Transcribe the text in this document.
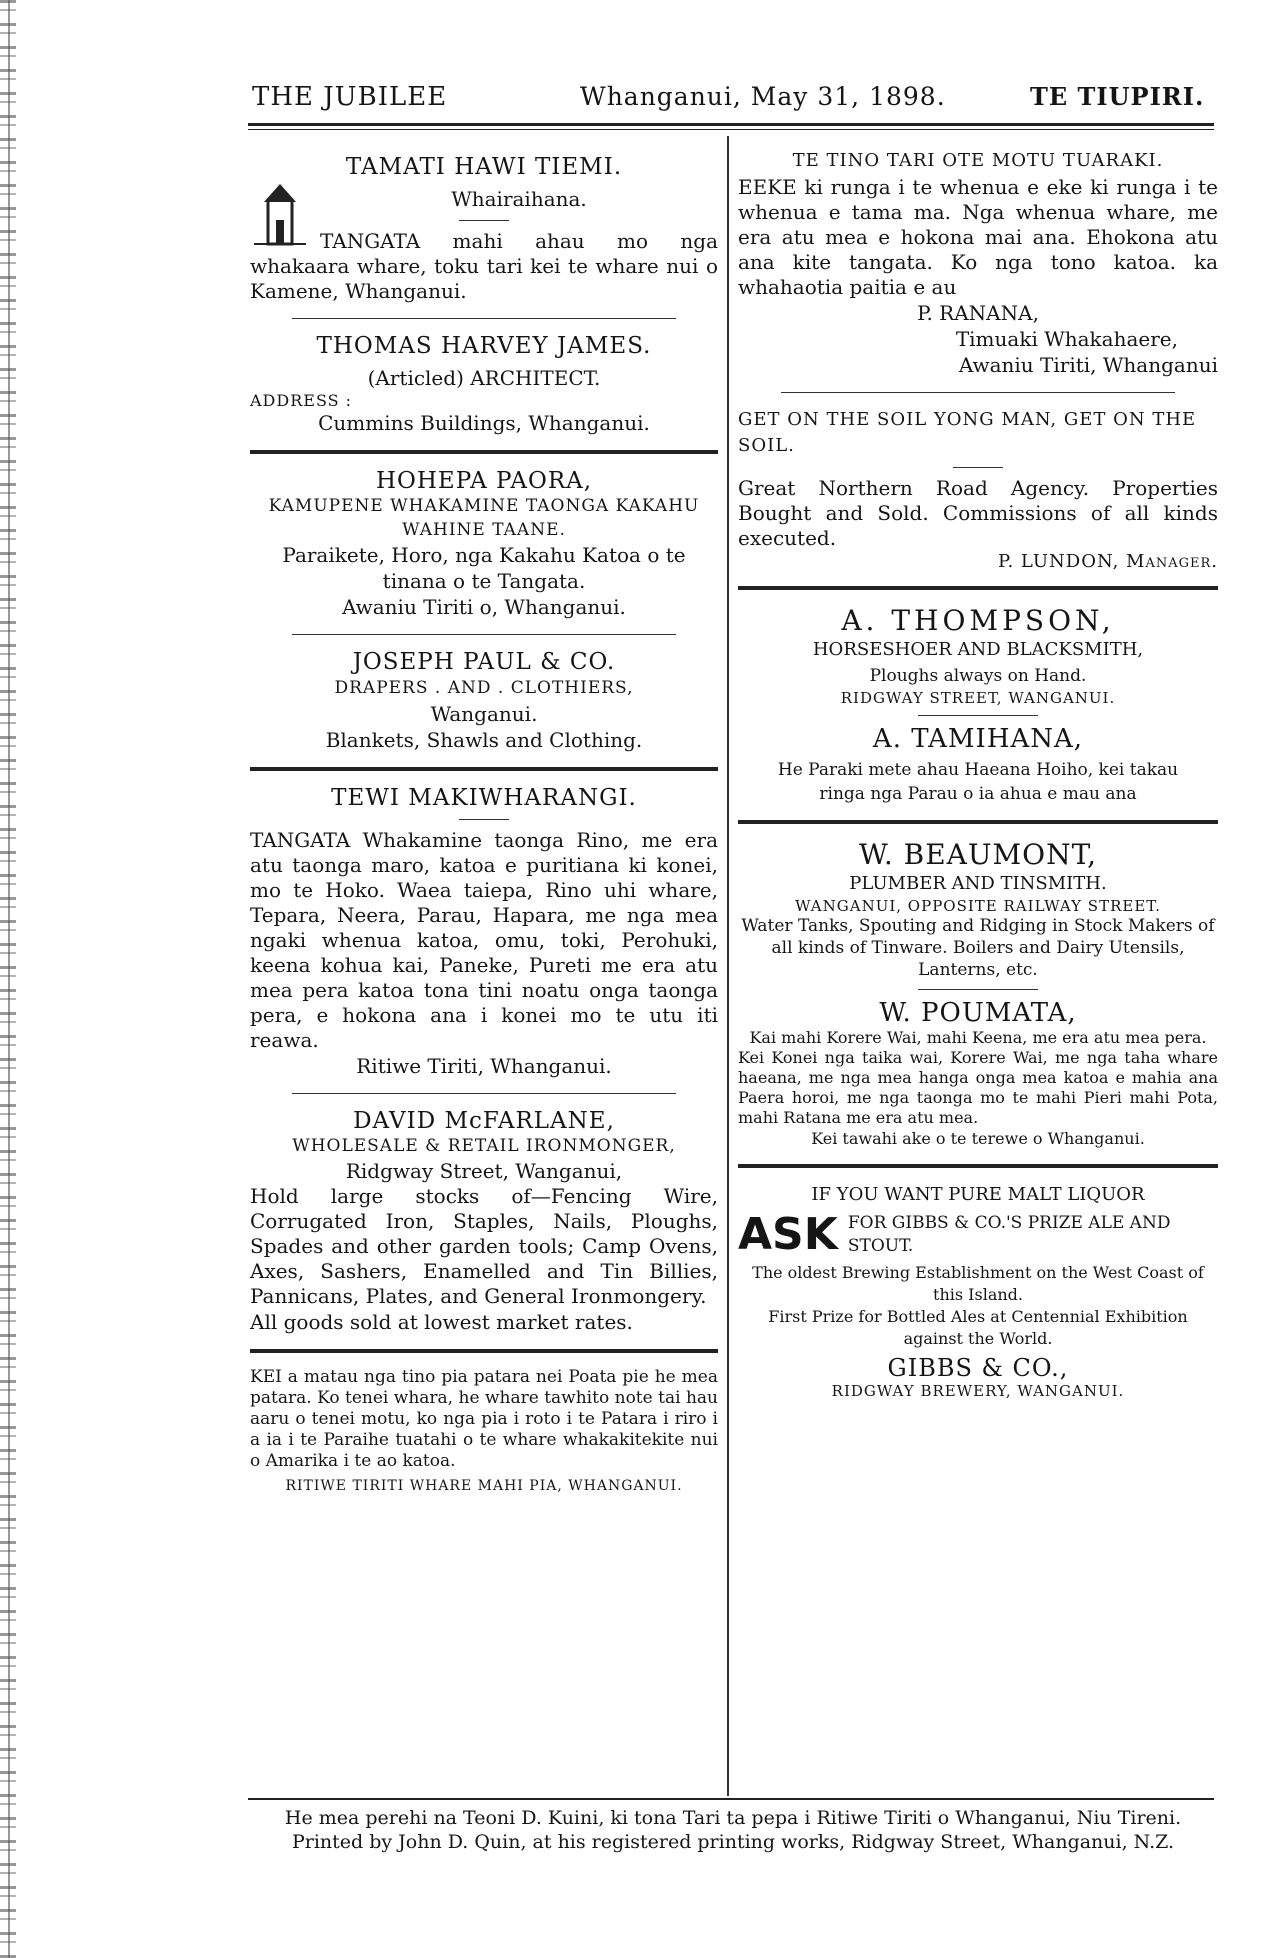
THE JUBILEE	Whanganui, May 31, 1898.	TE TIUPIRI.
TAMATI HAWI TIEMI.
Whairaihana.
TANGATA mahi ahau mo nga whakaara whare, toku tari kei te whare nui o Kamene, Whanganui.
THOMAS HARVEY JAMES.
(Articled) ARCHITECT.
ADDRESS :
Cummins Buildings, Whanganui.
HOHEPA PAORA,
KAMUPENE WHAKAMINE TAONGA KAKAHU WAHINE TAANE.
Paraikete, Horo, nga Kakahu Katoa o te tinana o te Tangata.
Awaniu Tiriti o, Whanganui.
JOSEPH PAUL & CO.
DRAPERS . AND . CLOTHIERS,
Wanganui.
Blankets, Shawls and Clothing.
TEWI MAKIWHARANGI.
TANGATA Whakamine taonga Rino, me era atu taonga maro, katoa e puritiana ki konei, mo te Hoko. Waea taiepa, Rino uhi whare, Tepara, Neera, Parau, Hapara, me nga mea ngaki whenua katoa, omu, toki, Perohuki, keena kohua kai, Paneke, Pureti me era atu mea pera katoa tona tini noatu onga taonga pera, e hokona ana i konei mo te utu iti reawa.
Ritiwe Tiriti, Whanganui.
DAVID McFARLANE,
WHOLESALE & RETAIL IRONMONGER,
Ridgway Street, Wanganui,
Hold large stocks of—Fencing Wire, Corrugated Iron, Staples, Nails, Ploughs, Spades and other garden tools; Camp Ovens, Axes, Sashers, Enamelled and Tin Billies, Pannicans, Plates, and General Ironmongery.
All goods sold at lowest market rates.
KEI a matau nga tino pia patara nei Poata pie he mea patara. Ko tenei whara, he whare tawhito note tai hau aaru o tenei motu, ko nga pia i roto i te Patara i riro i a ia i te Paraihe tuatahi o te whare whakakitekite nui o Amarika i te ao katoa.
RITIWE TIRITI WHARE MAHI PIA, WHANGANUI.
TE TINO TARI OTE MOTU TUARAKI.
EEKE ki runga i te whenua e eke ki runga i te whenua e tama ma. Nga whenua whare, me era atu mea e hokona mai ana. Ehokona atu ana kite tangata. Ko nga tono katoa. ka whahaotia paitia e au
P. RANANA,
Timuaki Whakahaere,
Awaniu Tiriti, Whanganui
GET ON THE SOIL YONG MAN, GET ON THE SOIL.
Great Northern Road Agency. Properties Bought and Sold. Commissions of all kinds executed.
P. LUNDON, Manager.
A. THOMPSON,
HORSESHOER AND BLACKSMITH,
Ploughs always on Hand.
RIDGWAY STREET, WANGANUI.
A. TAMIHANA,
He Paraki mete ahau Haeana Hoiho, kei takau ringa nga Parau o ia ahua e mau ana
W. BEAUMONT,
PLUMBER AND TINSMITH.
WANGANUI, OPPOSITE RAILWAY STREET.
Water Tanks, Spouting and Ridging in Stock Makers of all kinds of Tinware. Boilers and Dairy Utensils, Lanterns, etc.
W. POUMATA,
Kai mahi Korere Wai, mahi Keena, me era atu mea pera.
Kei Konei nga taika wai, Korere Wai, me nga taha whare haeana, me nga mea hanga onga mea katoa e mahia ana Paera horoi, me nga taonga mo te mahi Pieri mahi Pota, mahi Ratana me era atu mea.
Kei tawahi ake o te terewe o Whanganui.
IF YOU WANT PURE MALT LIQUOR
ASK FOR GIBBS & CO.'S PRIZE ALE AND STOUT.
The oldest Brewing Establishment on the West Coast of this Island.
First Prize for Bottled Ales at Centennial Exhibition against the World.
GIBBS & CO.,
RIDGWAY BREWERY, WANGANUI.
He mea perehi na Teoni D. Kuini, ki tona Tari ta pepa i Ritiwe Tiriti o Whanganui, Niu Tireni.
Printed by John D. Quin, at his registered printing works, Ridgway Street, Whanganui, N.Z.
